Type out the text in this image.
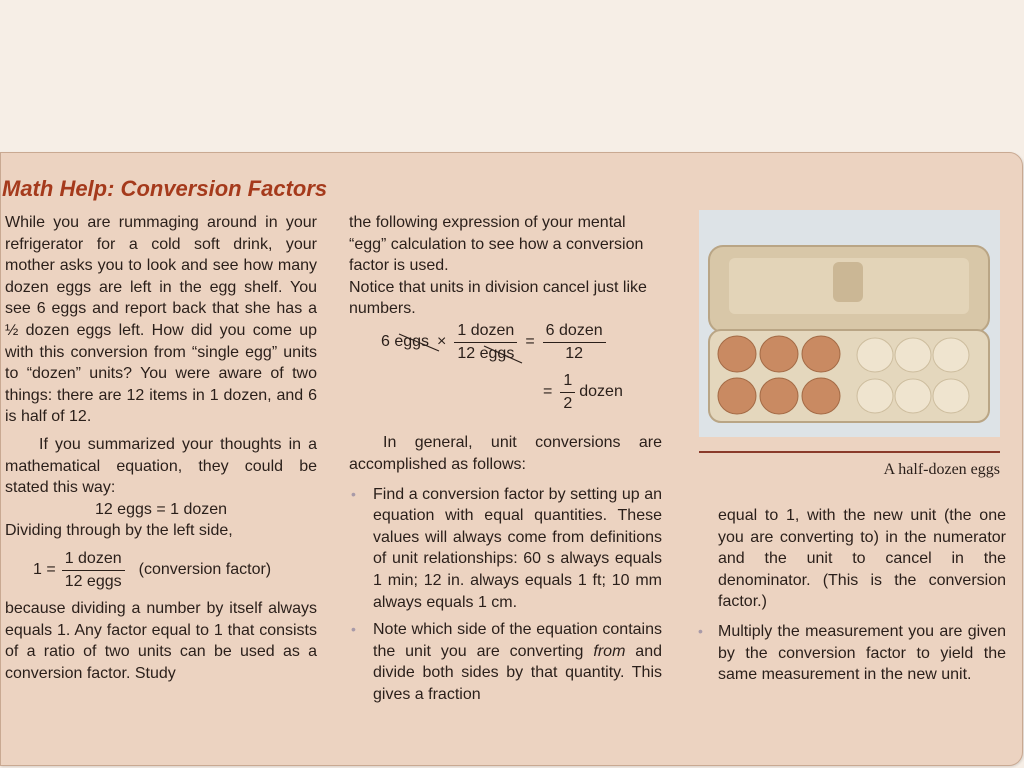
Math Help: Conversion Factors

While you are rummaging around in your refrigerator for a cold soft drink, your mother asks you to look and see how many dozen eggs are left in the egg shelf. You see 6 eggs and report back that she has a ½ dozen eggs left. How did you come up with this conversion from “single egg” units to “dozen” units? You were aware of two things: there are 12 items in 1 dozen, and 6 is half of 12.

If you summarized your thoughts in a mathematical equation, they could be stated this way:

12 eggs = 1 dozen

Dividing through by the left side,

$1 = \frac{\text{1 dozen}}{\text{12 eggs}}$ (conversion factor)

because dividing a number by itself always equals 1. Any factor equal to 1 that consists of a ratio of two units can be used as a conversion factor. Study

the following expression of your mental “egg” calculation to see how a conversion factor is used.

Notice that units in division cancel just like numbers.

6 eggs × $\frac{\text{1 dozen}}{\text{12 eggs}} = \frac{\text{6 dozen}}{12}$
= $\frac{1}{2}$ dozen

In general, unit conversions are accomplished as follows:

• Find a conversion factor by setting up an equation with equal quantities. These values will always come from definitions of unit relationships: 60 s always equals 1 min; 12 in. always equals 1 ft; 10 mm always equals 1 cm.
• Note which side of the equation contains the unit you are converting from and divide both sides by that quantity. This gives a fraction
A half-dozen eggs

equal to 1, with the new unit (the one you are converting to) in the numerator and the unit to cancel in the denominator. (This is the conversion factor.)

• Multiply the measurement you are given by the conversion factor to yield the same measurement in the new unit.
